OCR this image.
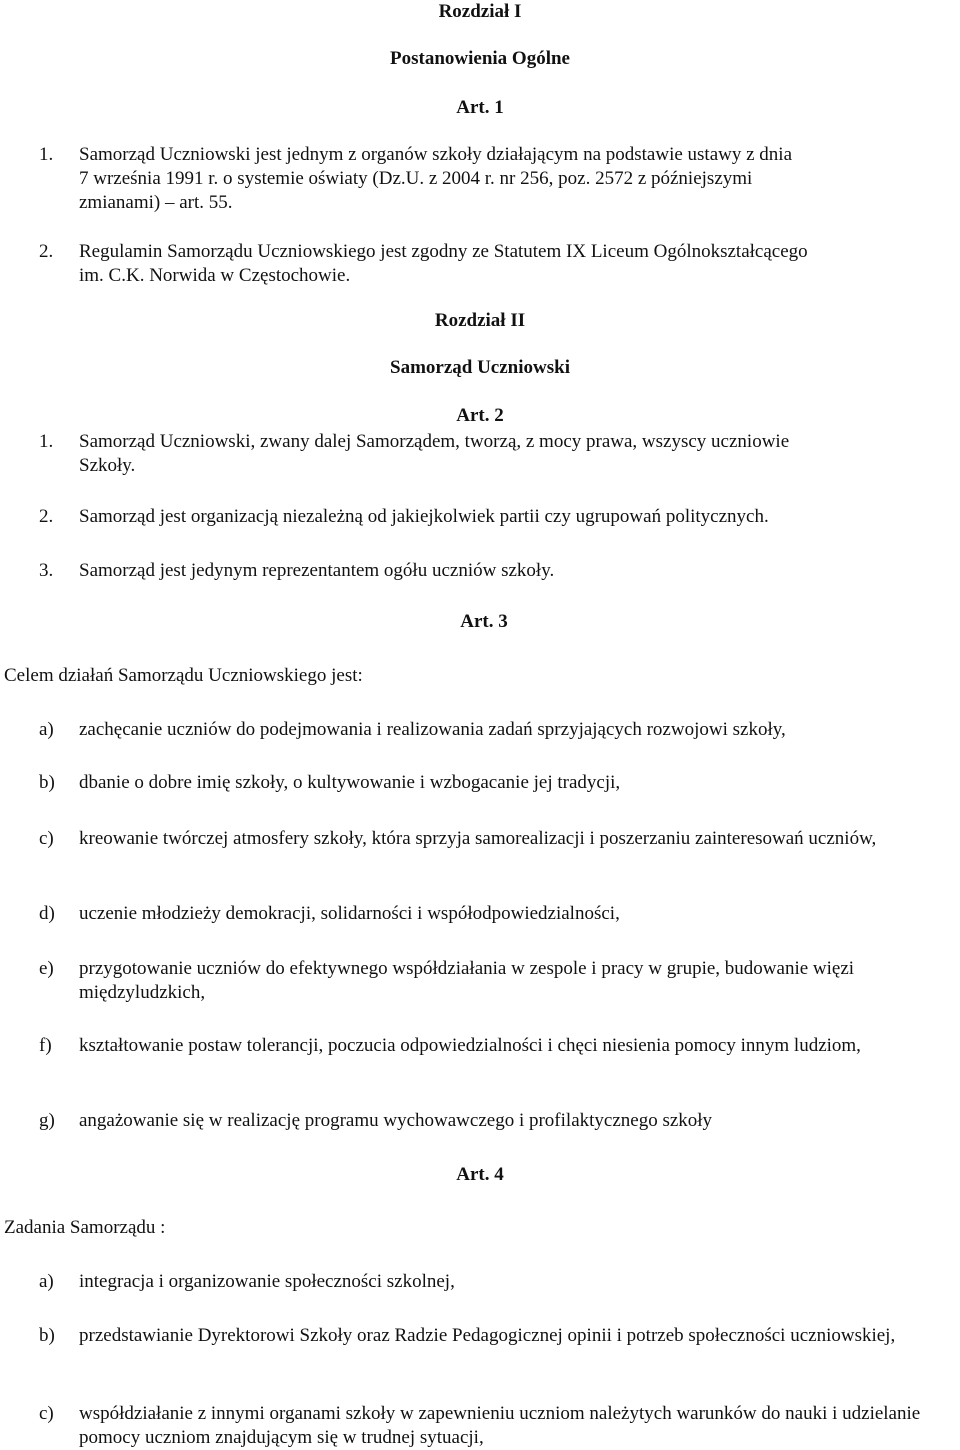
Rozdział I
Postanowienia Ogólne
Art. 1
1. Samorząd Uczniowski jest jednym z organów szkoły działającym na podstawie ustawy z dnia
7 września 1991 r. o systemie oświaty (Dz.U. z 2004 r. nr 256, poz. 2572 z późniejszymi
zmianami) – art. 55.
2. Regulamin Samorządu Uczniowskiego jest zgodny ze Statutem IX Liceum Ogólnokształcącego
im. C.K. Norwida w Częstochowie.
Rozdział II
Samorząd Uczniowski
Art. 2
1. Samorząd Uczniowski, zwany dalej Samorządem, tworzą, z mocy prawa, wszyscy uczniowie
Szkoły.
2. Samorząd jest organizacją niezależną od jakiejkolwiek partii czy ugrupowań politycznych.
3. Samorząd jest jedynym reprezentantem ogółu uczniów szkoły.
Art. 3
Celem działań Samorządu Uczniowskiego jest:
a) zachęcanie uczniów do podejmowania i realizowania zadań sprzyjających rozwojowi szkoły,
b) dbanie o dobre imię szkoły, o kultywowanie i wzbogacanie jej tradycji,
c) kreowanie twórczej atmosfery szkoły, która sprzyja samorealizacji i poszerzaniu zainteresowań uczniów,
d) uczenie młodzieży demokracji, solidarności i współodpowiedzialności,
e) przygotowanie uczniów do efektywnego współdziałania w zespole i pracy w grupie, budowanie więzi międzyludzkich,
f) kształtowanie postaw tolerancji, poczucia odpowiedzialności i chęci niesienia pomocy innym ludziom,
g) angażowanie się w realizację programu wychowawczego i profilaktycznego szkoły
Art. 4
Zadania Samorządu :
a) integracja i organizowanie społeczności szkolnej,
b) przedstawianie Dyrektorowi Szkoły oraz Radzie Pedagogicznej opinii i potrzeb społeczności uczniowskiej,
c) współdziałanie z innymi organami szkoły w zapewnieniu uczniom należytych warunków do nauki i udzielanie pomocy uczniom znajdującym się w trudnej sytuacji,
